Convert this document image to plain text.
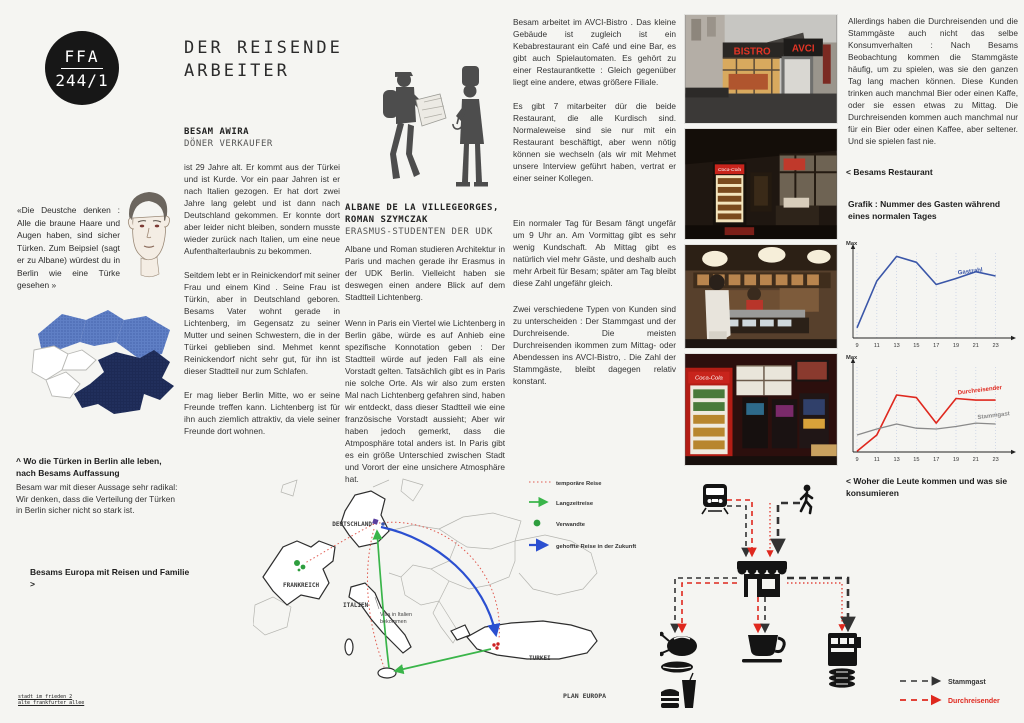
FFA
244/1
«Die Deustche denken : Alle die braune Haare und Augen haben, sind sicher Türken. Zum Beipsiel (sagt er zu Albane) würdest du in Berlin wie eine Türke gesehen »
^ Wo die Türken in Berlin alle leben, nach Besams Auffassung
Besam war mit dieser Aussage sehr radikal: Wir denken, dass die Verteilung der Türken in Berlin sicher nicht so stark ist.
Besams Europa mit Reisen und Familie >
stadt im frieden 2
alte frankfurter allee
DER REISENDE
ARBEITER
BESAM AWIRA
DÖNER VERKAUFER

ist 29 Jahre alt. Er kommt aus der Türkei und ist Kurde. Vor ein paar Jahren ist er nach Italien gezogen. Er hat dort zwei Jahre lang gelebt und ist dann nach Deutschland gekommen. Er konnte dort aber leider nicht bleiben, sondern musste wieder zurück nach Italien, um eine neue Aufenthalterlaubnis zu bekommen.

Seitdem lebt er in Reinickendorf mit seiner Frau und einem Kind . Seine Frau ist Türkin, aber in Deutschland geboren. Besams Vater wohnt gerade in Lichtenberg, im Gegensatz zu seiner Mutter und seinen Schwestern, die in der Türkei geblieben sind. Mehmet kennt Reinickendorf nicht sehr gut, für ihn ist dieser Stadtteil nur zum Schlafen.

Er mag lieber Berlin Mitte, wo er seine Freunde treffen kann. Lichtenberg ist für ihn auch ziemlich attraktiv, da viele seiner Freunde dort wohnen.

ALBANE DE LA VILLEGEORGES,
ROMAN SZYMCZAK
ERASMUS-STUDENTEN DER UDK

Albane und Roman studieren Architektur in Paris und machen gerade ihr Erasmus in der UDK Berlin. Vielleicht haben sie deswegen einen andere Blick auf dem Stadtteil Lichtenberg.

Wenn in Paris ein Viertel wie Lichtenberg in Berlin gäbe, würde es auf Anhieb eine spezifische Konnotation geben : Der Stadtteil würde auf jeden Fall als eine Vorstadt gelten. Tatsächlich gibt es in Paris nie solche Orte. Als wir also zum ersten Mal nach Lichtenberg gefahren sind, haben wir entdeckt, dass dieser Stadtteil wie eine französische Vorstadt aussieht; Aber wir haben jedoch gemerkt, dass die Atmposphäre total anders ist. In Paris gibt es ein größe Unterschied zwischen Stadt und Vorort der eine unsichere Atmosphäre hat.

Besam arbeitet im AVCI-Bistro . Das kleine Gebäude ist zugleich ist ein Kebabrestaurant ein Café und eine Bar, es gibt auch Spielautomaten. Es gehört zu einer Restaurantkette : Gleich gegenüber liegt eine andere, etwas größere Filiale.

Es gibt 7 mitarbeiter dür die beide Restaurant, die alle Kurdisch sind. Normaleweise sind sie nur mit ein Restaurant beschäftigt, aber wenn nötig können sie wechseln (als wir mit Mehmet unsere Interview geführt haben, vertrat er einer seiner Kollegen.

Ein normaler Tag für Besam fängt ungefär um 9 Uhr an. Am Vormittag gibt es sehr wenig Kundschaft. Ab Mittag gibt es natürlich viel mehr Gäste, und deshalb auch mehr Arbeit für Besam; später am Tag bleibt diese Zahl ungefähr gleich.

Zwei verschiedene Typen von Kunden sind zu unterscheiden : Der Stammgast und der Durchreisende. Die meisten Durchreisenden ikommen zum Mittag- oder Abendessen ins AVCI-Bistro, . Die Zahl der Stammgäste, bleibt dagegen relativ konstant.

DEUTSCHLAND
FRANKREICH
ITALIEN
TURKEI
PLAN EUROPA
Visa in Italien
bekommen
temporäre Reise
Langzeitreise
Verwandte
gehoffte Reise in der Zukunft
BISTRO AVCI
Coca-Cola
Coca-Cola

Allerdings haben die Durchreisenden und die Stammgäste auch nicht das selbe Konsumverhalten : Nach Besams Beobachtung kommen die Stammgäste häufig, um zu spielen, was sie den ganzen Tag lang machen können. Diese Kunden trinken auch manchmal Bier oder einen Kaffe, oder sie essen etwas zu Mittag. Die Durchreisenden kommen auch manchmal nur für ein Bier oder einen Kaffee, aber seltener. Und sie spielen fast nie.

< Besams Restaurant
Grafik : Nummer des Gasten während eines normalen Tages
9	11 13 15 17 19 21 23
Max
Gastzahl
9	11 13 15 17 19 21 23
Max
Durchreisender
Stammgast
< Woher die Leute kommen und was sie konsumieren
Stammgast
Durchreisender
